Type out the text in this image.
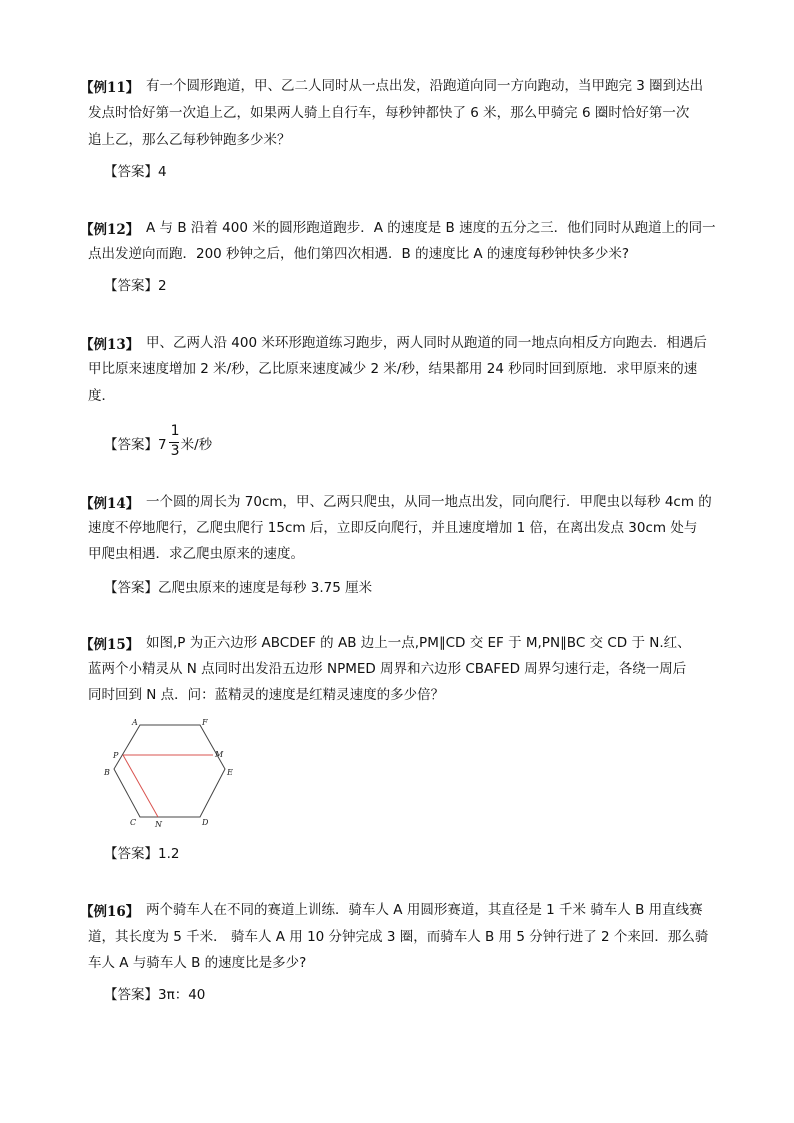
【例11】 有一个圆形跑道，甲、乙二人同时从一点出发，沿跑道向同一方向跑动，当甲跑完 3 圈到达出
发点时恰好第一次追上乙，如果两人骑上自行车，每秒钟都快了 6 米，那么甲骑完 6 圈时恰好第一次
追上乙，那么乙每秒钟跑多少米？
【答案】4
【例12】 A 与 B 沿着 400 米的圆形跑道跑步．A 的速度是 B 速度的五分之三．他们同时从跑道上的同一
点出发逆向而跑．200 秒钟之后，他们第四次相遇．B 的速度比 A 的速度每秒钟快多少米?
【答案】2
【例13】 甲、乙两人沿 400 米环形跑道练习跑步，两人同时从跑道的同一地点向相反方向跑去．相遇后
甲比原来速度增加 2 米/秒，乙比原来速度减少 2 米/秒，结果都用 24 秒同时回到原地．求甲原来的速
度．
【答案】$7 \frac{1}{3}$ 米/秒
【例14】 一个圆的周长为 70cm，甲、乙两只爬虫，从同一地点出发，同向爬行．甲爬虫以每秒 4cm 的
速度不停地爬行，乙爬虫爬行 15cm 后，立即反向爬行，并且速度增加 1 倍，在离出发点 30cm 处与
甲爬虫相遇．求乙爬虫原来的速度。
【答案】乙爬虫原来的速度是每秒 3.75 厘米
【例15】 如图,P 为正六边形 ABCDEF 的 AB 边上一点,PM∥CD 交 EF 于 M,PN∥BC 交 CD 于 N.红、
蓝两个小精灵从 N 点同时出发沿五边形 NPMED 周界和六边形 CBAFED 周界匀速行走，各绕一周后
同时回到 N 点．问：蓝精灵的速度是红精灵速度的多少倍？
【答案】1.2
A	F
P	M
B	E
C N	D
【例16】 两个骑车人在不同的赛道上训练．骑车人 A 用圆形赛道，其直径是 1 千米 骑车人 B 用直线赛
道，其长度为 5 千米． 骑车人 A 用 10 分钟完成 3 圈，而骑车人 B 用 5 分钟行进了 2 个来回．那么骑
车人 A 与骑车人 B 的速度比是多少?
【答案】3π：40
